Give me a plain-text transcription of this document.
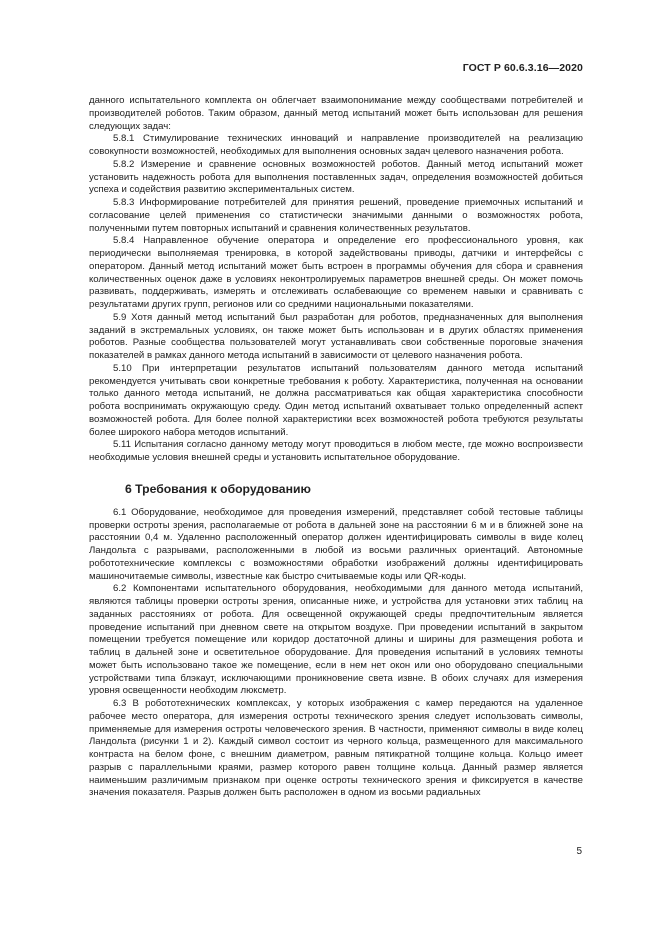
ГОСТ Р 60.6.3.16—2020

данного испытательного комплекта он облегчает взаимопонимание между сообществами потребителей и производителей роботов. Таким образом, данный метод испытаний может быть использован для решения следующих задач:

5.8.1 Стимулирование технических инноваций и направление производителей на реализацию совокупности возможностей, необходимых для выполнения основных задач целевого назначения робота.

5.8.2 Измерение и сравнение основных возможностей роботов. Данный метод испытаний может установить надежность робота для выполнения поставленных задач, определения возможностей добиться успеха и содействия развитию экспериментальных систем.

5.8.3 Информирование потребителей для принятия решений, проведение приемочных испытаний и согласование целей применения со статистически значимыми данными о возможностях робота, полученными путем повторных испытаний и сравнения количественных результатов.

5.8.4 Направленное обучение оператора и определение его профессионального уровня, как периодически выполняемая тренировка, в которой задействованы приводы, датчики и интерфейсы с оператором. Данный метод испытаний может быть встроен в программы обучения для сбора и сравнения количественных оценок даже в условиях неконтролируемых параметров внешней среды. Он может помочь развивать, поддерживать, измерять и отслеживать ослабевающие со временем навыки и сравнивать с результатами других групп, регионов или со средними национальными показателями.

5.9 Хотя данный метод испытаний был разработан для роботов, предназначенных для выполнения заданий в экстремальных условиях, он также может быть использован и в других областях применения роботов. Разные сообщества пользователей могут устанавливать свои собственные пороговые значения показателей в рамках данного метода испытаний в зависимости от целевого назначения робота.

5.10 При интерпретации результатов испытаний пользователям данного метода испытаний рекомендуется учитывать свои конкретные требования к роботу. Характеристика, полученная на основании только данного метода испытаний, не должна рассматриваться как общая характеристика способности робота воспринимать окружающую среду. Один метод испытаний охватывает только определенный аспект возможностей робота. Для более полной характеристики всех возможностей робота требуются результаты более широкого набора методов испытаний.

5.11 Испытания согласно данному методу могут проводиться в любом месте, где можно воспроизвести необходимые условия внешней среды и установить испытательное оборудование.

6 Требования к оборудованию

6.1 Оборудование, необходимое для проведения измерений, представляет собой тестовые таблицы проверки остроты зрения, располагаемые от робота в дальней зоне на расстоянии 6 м и в ближней зоне на расстоянии 0,4 м. Удаленно расположенный оператор должен идентифицировать символы в виде колец Ландольта с разрывами, расположенными в любой из восьми различных ориентаций. Автономные робототехнические комплексы с возможностями обработки изображений должны идентифицировать машиночитаемые символы, известные как быстро считываемые коды или QR-коды.

6.2 Компонентами испытательного оборудования, необходимыми для данного метода испытаний, являются таблицы проверки остроты зрения, описанные ниже, и устройства для установки этих таблиц на заданных расстояниях от робота. Для освещенной окружающей среды предпочтительным является проведение испытаний при дневном свете на открытом воздухе. При проведении испытаний в закрытом помещении требуется помещение или коридор достаточной длины и ширины для размещения робота и таблиц в дальней зоне и осветительное оборудование. Для проведения испытаний в условиях темноты может быть использовано такое же помещение, если в нем нет окон или оно оборудовано специальными устройствами типа блэкаут, исключающими проникновение света извне. В обоих случаях для измерения уровня освещенности необходим люксметр.

6.3 В робототехнических комплексах, у которых изображения с камер передаются на удаленное рабочее место оператора, для измерения остроты технического зрения следует использовать символы, применяемые для измерения остроты человеческого зрения. В частности, применяют символы в виде колец Ландольта (рисунки 1 и 2). Каждый символ состоит из черного кольца, размещенного для максимального контраста на белом фоне, с внешним диаметром, равным пятикратной толщине кольца. Кольцо имеет разрыв с параллельными краями, размер которого равен толщине кольца. Данный размер является наименьшим различимым признаком при оценке остроты технического зрения и фиксируется в качестве значения показателя. Разрыв должен быть расположен в одном из восьми радиальных

5
